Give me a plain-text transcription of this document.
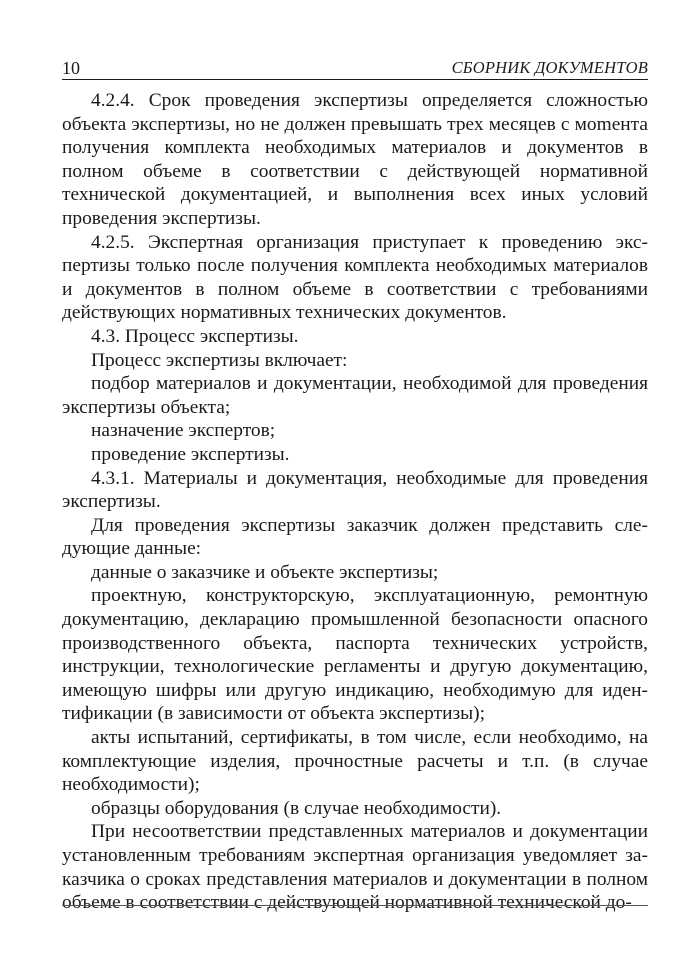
10	СБОРНИК ДОКУМЕНТОВ

4.2.4. Срок проведения экспертизы определяется сложностью объекта экспертизы, но не должен превышать трех месяцев с моmента получения комплекта необходимых материалов и документов в полном объеме в соответствии с действующей нормативной технической документацией, и выполнения всех иных условий проведения экспертизы.

4.2.5. Экспертная организация приступает к проведению экспертизы только после получения комплекта необходимых материалов и документов в полном объеме в соответствии с требованиями действующих нормативных технических документов.

4.3. Процесс экспертизы.

Процесс экспертизы включает:

подбор материалов и документации, необходимой для проведения экспертизы объекта;

назначение экспертов;

проведение экспертизы.

4.3.1. Материалы и документация, необходимые для проведения экспертизы.

Для проведения экспертизы заказчик должен представить следующие данные:

данные о заказчике и объекте экспертизы;

проектную, конструкторскую, эксплуатационную, ремонтную документацию, декларацию промышленной безопасности опасного производственного объекта, паспорта технических устройств, инструкции, технологические регламенты и другую документацию, имеющую шифры или другую индикацию, необходимую для идентификации (в зависимости от объекта экспертизы);

акты испытаний, сертификаты, в том числе, если необходимо, на комплектующие изделия, прочностные расчеты и т.п. (в случае необходимости);

образцы оборудования (в случае необходимости).

При несоответствии представленных материалов и документации установленным требованиям экспертная организация уведомляет заказчика о сроках представления материалов и документации в полном объеме в соответствии с действующей нормативной технической до-
